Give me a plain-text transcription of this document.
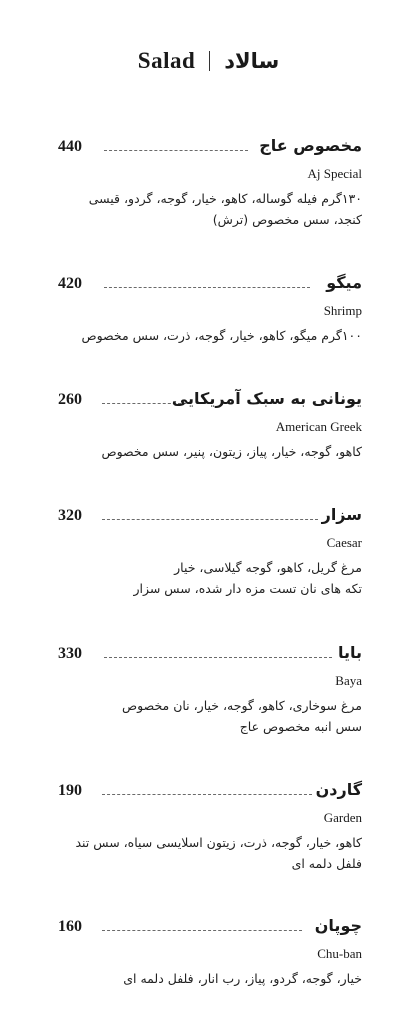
Salad سالاد
440	مخصوص عاج
Aj Special
۱۳۰گرم فیله گوساله، کاهو، خیار، گوجه، گردو، قیسی
کنجد، سس مخصوص (ترش)
420	میگو
Shrimp
۱۰۰گرم میگو، کاهو، خیار، گوجه، ذرت، سس مخصوص
260	یونانی به سبک آمریکایی
American Greek
کاهو، گوجه، خیار، پیاز، زیتون، پنیر، سس مخصوص
320	سزار
Caesar
مرغ گریل، کاهو، گوجه گیلاسی، خیار
تکه های نان تست مزه دار شده، سس سزار
330	بایا
Baya
مرغ سوخاری، کاهو، گوجه، خیار، نان مخصوص
سس انبه مخصوص عاج
190	گاردن
Garden
کاهو، خیار، گوجه، ذرت، زیتون اسلایسی سیاه، سس تند
فلفل دلمه ای
160	چوپان
Chu-ban
خیار، گوجه، گردو، پیاز، رب انار، فلفل دلمه ای
